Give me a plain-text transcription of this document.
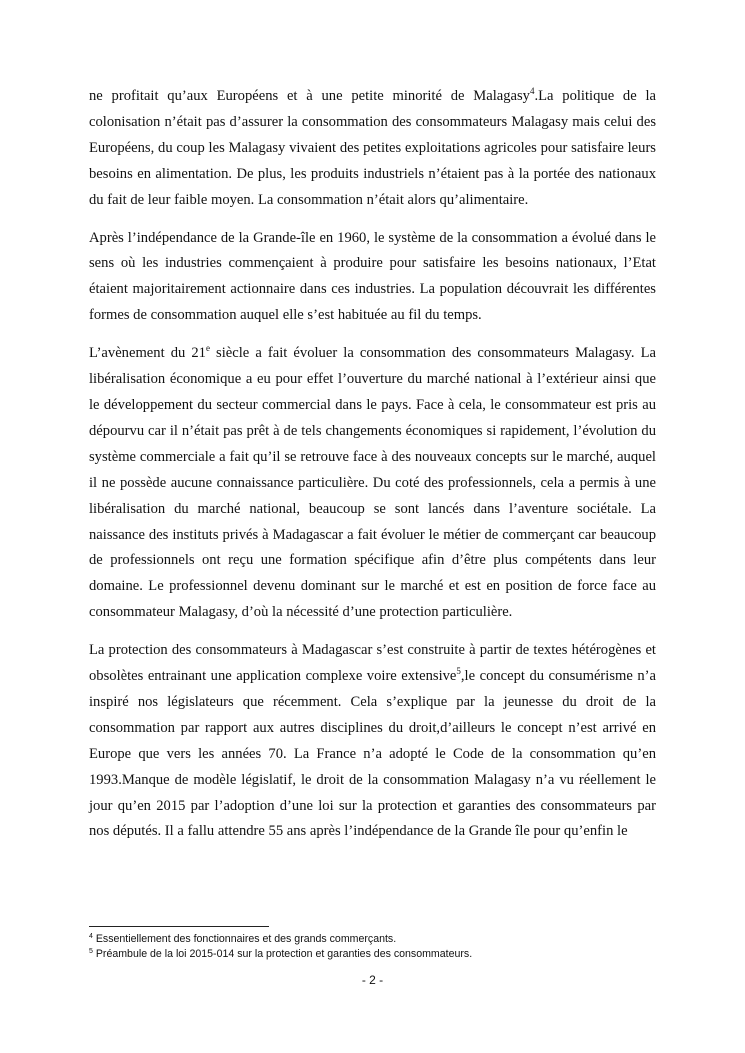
ne profitait qu’aux Européens et à une petite minorité de Malagasy$^4$.La politique de la colonisation n’était pas d’assurer la consommation des consommateurs Malagasy mais celui des Européens, du coup les Malagasy vivaient des petites exploitations agricoles pour satisfaire leurs besoins en alimentation. De plus, les produits industriels n’étaient pas à la portée des nationaux du fait de leur faible moyen. La consommation n’était alors qu’alimentaire.

Après l’indépendance de la Grande-île en 1960, le système de la consommation a évolué dans le sens où les industries commençaient à produire pour satisfaire les besoins nationaux, l’Etat étaient majoritairement actionnaire dans ces industries. La population découvrait les différentes formes de consommation auquel elle s’est habituée au fil du temps.

L’avènement du 21e siècle a fait évoluer la consommation des consommateurs Malagasy. La libéralisation économique a eu pour effet l’ouverture du marché national à l’extérieur ainsi que le développement du secteur commercial dans le pays. Face à cela, le consommateur est pris au dépourvu car il n’était pas prêt à de tels changements économiques si rapidement, l’évolution du système commerciale a fait qu’il se retrouve face à des nouveaux concepts sur le marché, auquel il ne possède aucune connaissance particulière. Du coté des professionnels, cela a permis à une libéralisation du marché national, beaucoup se sont lancés dans l’aventure sociétale. La naissance des instituts privés à Madagascar a fait évoluer le métier de commerçant car beaucoup de professionnels ont reçu une formation spécifique afin d’être plus compétents dans leur domaine. Le professionnel devenu dominant sur le marché et est en position de force face au consommateur Malagasy, d’où la nécessité d’une protection particulière.

La protection des consommateurs à Madagascar s’est construite à partir de textes hétérogènes et obsolètes entrainant une application complexe voire extensive$^5$,le concept du consumérisme n’a inspiré nos législateurs que récemment. Cela s’explique par la jeunesse du droit de la consommation par rapport aux autres disciplines du droit,d’ailleurs le concept n’est arrivé en Europe que vers les années 70. La France n’a adopté le Code de la consommation qu’en 1993.Manque de modèle législatif, le droit de la consommation Malagasy n’a vu réellement le jour qu’en 2015 par l’adoption d’une loi sur la protection et garanties des consommateurs par nos députés. Il a fallu attendre 55 ans après l’indépendance de la Grande île pour qu’enfin le

$^4$ Essentiellement des fonctionnaires et des grands commerçants.
$^5$ Préambule de la loi 2015-014 sur la protection et garanties des consommateurs.
- 2 -
